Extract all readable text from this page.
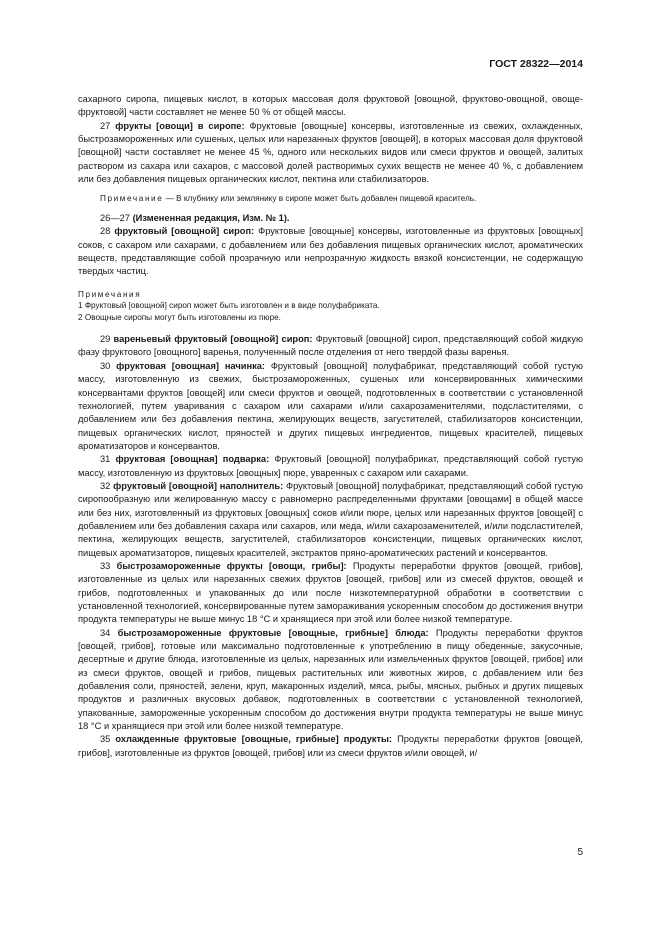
ГОСТ 28322—2014

сахарного сиропа, пищевых кислот, в которых массовая доля фруктовой [овощной, фруктово-овощной, овоще-фруктовой] части составляет не менее 50 % от общей массы.

27 фрукты [овощи] в сиропе: Фруктовые [овощные] консервы, изготовленные из свежих, охлажденных, быстрозамороженных или сушеных, целых или нарезанных фруктов [овощей], в которых массовая доля фруктовой [овощной] части составляет не менее 45 %, одного или нескольких видов или смеси фруктов и овощей, залитых раствором из сахара или сахаров, с массовой долей растворимых сухих веществ не менее 40 %, с добавлением или без добавления пищевых органических кислот, пектина или стабилизаторов.

Примечание — В клубнику или землянику в сиропе может быть добавлен пищевой краситель.

26—27 (Измененная редакция, Изм. № 1).

28 фруктовый [овощной] сироп: Фруктовые [овощные] консервы, изготовленные из фруктовых [овощных] соков, с сахаром или сахарами, с добавлением или без добавления пищевых органических кислот, ароматических веществ, представляющие собой прозрачную или непрозрачную жидкость вязкой консистенции, не содержащую твердых частиц.

Примечания

1 Фруктовый [овощной] сироп может быть изготовлен и в виде полуфабриката.

2 Овощные сиропы могут быть изготовлены из пюре.

29 вареньевый фруктовый [овощной] сироп: Фруктовый [овощной] сироп, представляющий собой жидкую фазу фруктового [овощного] варенья, полученный после отделения от него твердой фазы варенья.

30 фруктовая [овощная] начинка: Фруктовый [овощной] полуфабрикат, представляющий собой густую массу, изготовленную из свежих, быстрозамороженных, сушеных или консервированных химическими консервантами фруктов [овощей] или смеси фруктов и овощей, подготовленных в соответствии с установленной технологией, путем уваривания с сахаром или сахарами и/или сахарозаменителями, подсластителями, с добавлением или без добавления пектина, желирующих веществ, загустителей, стабилизаторов консистенции, пищевых органических кислот, пряностей и других пищевых ингредиентов, пищевых красителей, пищевых ароматизаторов и консервантов.

31 фруктовая [овощная] подварка: Фруктовый [овощной] полуфабрикат, представляющий собой густую массу, изготовленную из фруктовых [овощных] пюре, уваренных с сахаром или сахарами.

32 фруктовый [овощной] наполнитель: Фруктовый [овощной] полуфабрикат, представляющий собой густую сиропообразную или желированную массу с равномерно распределенными фруктами [овощами] в общей массе или без них, изготовленный из фруктовых [овощных] соков и/или пюре, целых или нарезанных фруктов [овощей] с добавлением или без добавления сахара или сахаров, или меда, и/или сахарозаменителей, и/или подсластителей, пектина, желирующих веществ, загустителей, стабилизаторов консистенции, пищевых органических кислот, пищевых ароматизаторов, пищевых красителей, экстрактов пряно-ароматических растений и консервантов.

33 быстрозамороженные фрукты [овощи, грибы]: Продукты переработки фруктов [овощей, грибов], изготовленные из целых или нарезанных свежих фруктов [овощей, грибов] или из смесей фруктов, овощей и грибов, подготовленных и упакованных до или после низкотемпературной обработки в соответствии с установленной технологией, консервированные путем замораживания ускоренным способом до достижения внутри продукта температуры не выше минус 18 °С и хранящиеся при этой или более низкой температуре.

34 быстрозамороженные фруктовые [овощные, грибные] блюда: Продукты переработки фруктов [овощей, грибов], готовые или максимально подготовленные к употреблению в пищу обеденные, закусочные, десертные и другие блюда, изготовленные из целых, нарезанных или измельченных фруктов [овощей, грибов] или из смеси фруктов, овощей и грибов, пищевых растительных или животных жиров, с добавлением или без добавления соли, пряностей, зелени, круп, макаронных изделий, мяса, рыбы, мясных, рыбных и других пищевых продуктов и различных вкусовых добавок, подготовленных в соответствии с установленной технологией, упакованные, замороженные ускоренным способом до достижения внутри продукта температуры не выше минус 18 °С и хранящиеся при этой или более низкой температуре.

35 охлажденные фруктовые [овощные, грибные] продукты: Продукты переработки фруктов [овощей, грибов], изготовленные из фруктов [овощей, грибов] или из смеси фруктов и/или овощей, и/

5
